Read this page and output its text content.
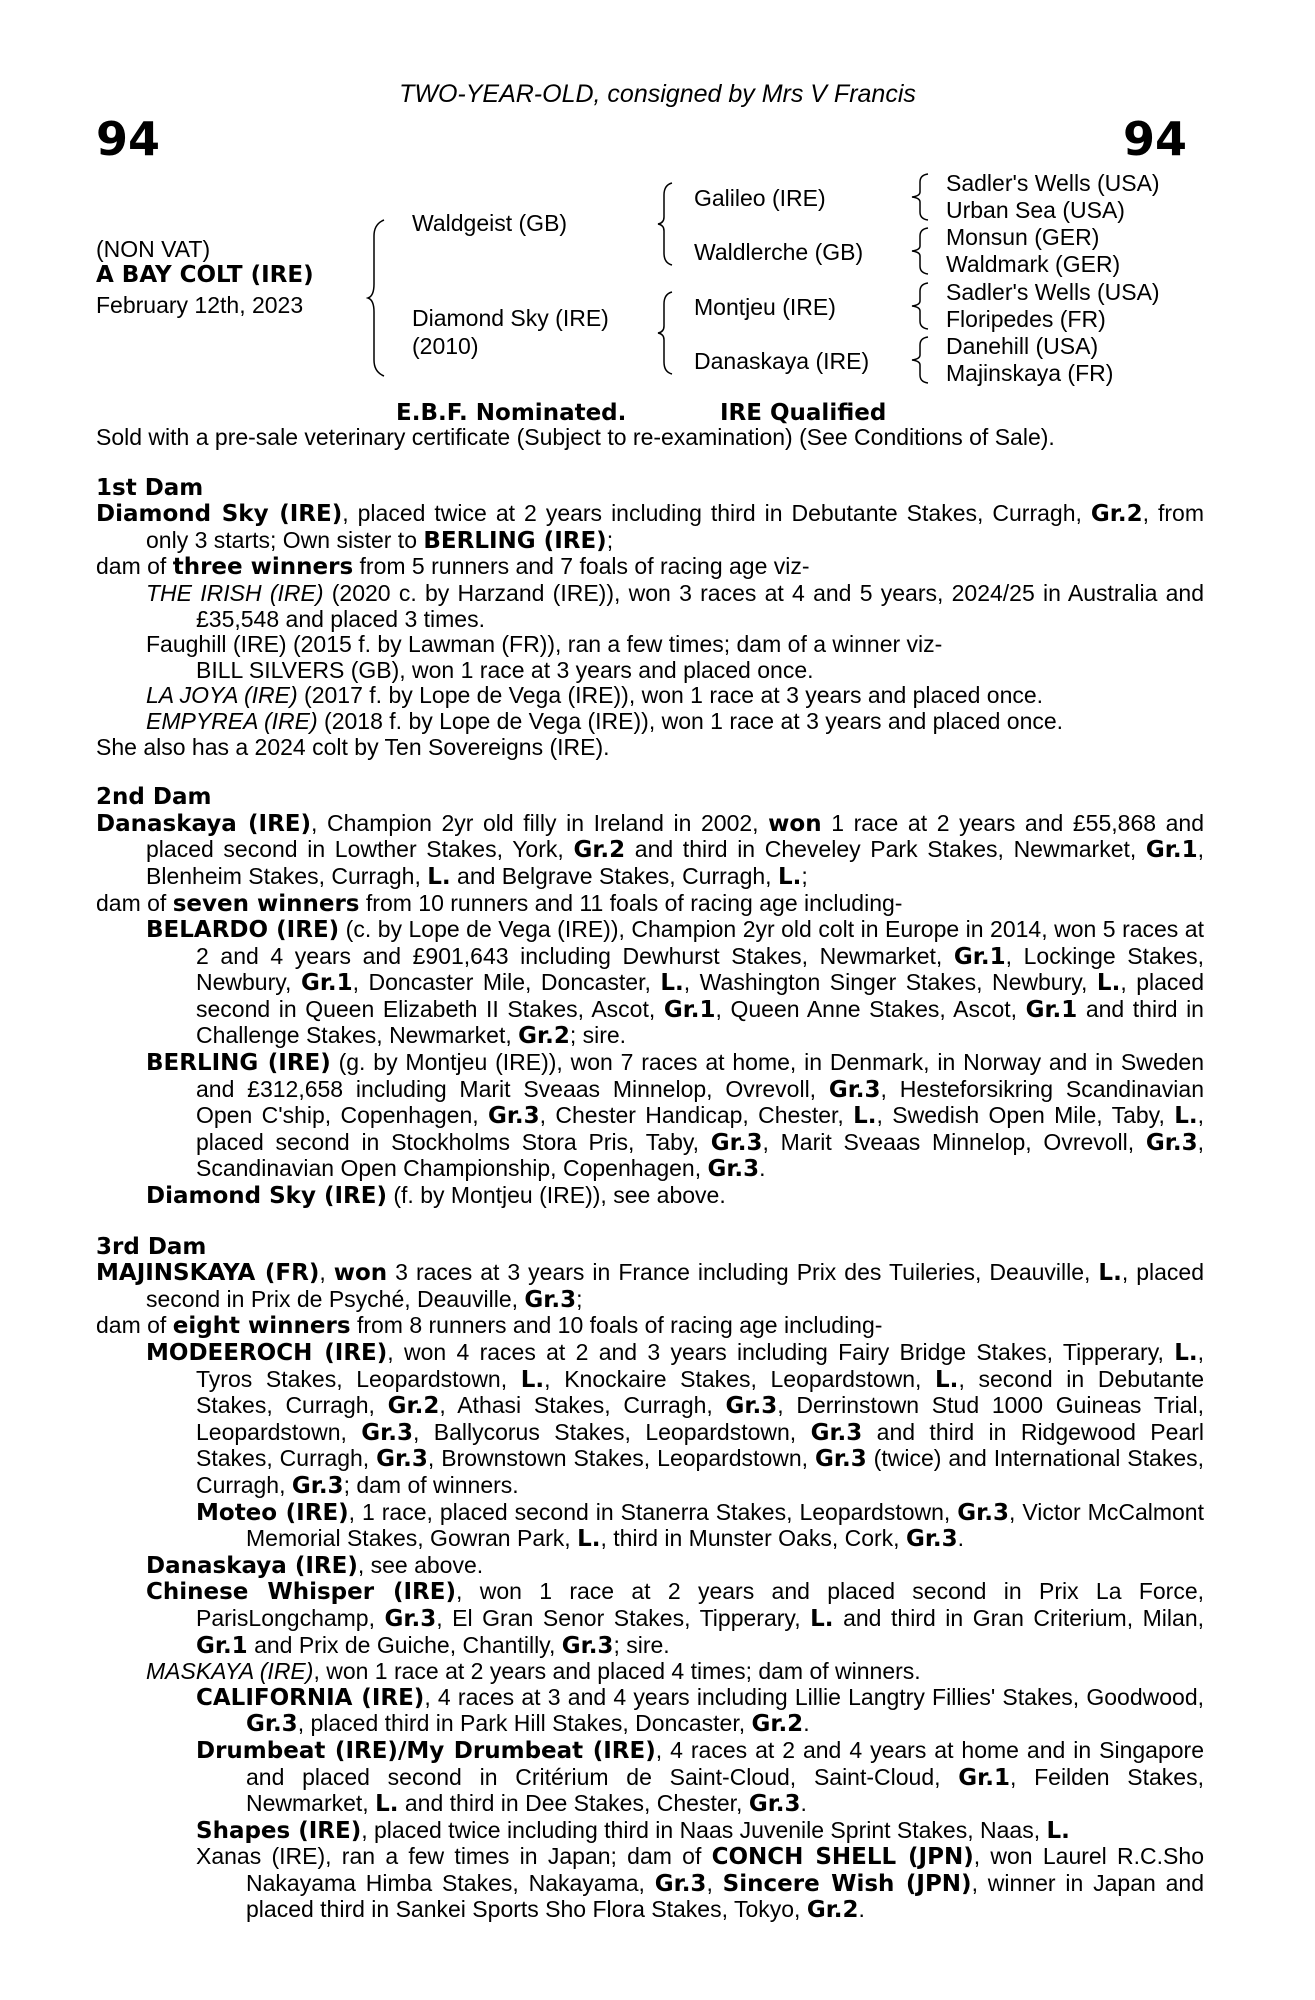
94
TWO-YEAR-OLD, consigned by Mrs V Francis
94
(NON VAT)
A BAY COLT (IRE)
February 12th, 2023
Waldgeist (GB)
Diamond Sky (IRE)
(2010)
Galileo (IRE)
Waldlerche (GB)
Montjeu (IRE)
Danaskaya (IRE)
Sadler's Wells (USA)
Urban Sea (USA)
Monsun (GER)
Waldmark (GER)
Sadler's Wells (USA)
Floripedes (FR)
Danehill (USA)
Majinskaya (FR)
E.B.F. Nominated.	IRE Qualified
Sold with a pre-sale veterinary certificate (Subject to re-examination) (See Conditions of Sale).
1st Dam
Diamond Sky (IRE), placed twice at 2 years including third in Debutante Stakes, Curragh, Gr.2, from only 3 starts; Own sister to BERLING (IRE);
dam of three winners from 5 runners and 7 foals of racing age viz-
THE IRISH (IRE) (2020 c. by Harzand (IRE)), won 3 races at 4 and 5 years, 2024/25 in Australia and £35,548 and placed 3 times.
Faughill (IRE) (2015 f. by Lawman (FR)), ran a few times; dam of a winner viz-
BILL SILVERS (GB), won 1 race at 3 years and placed once.
LA JOYA (IRE) (2017 f. by Lope de Vega (IRE)), won 1 race at 3 years and placed once.
EMPYREA (IRE) (2018 f. by Lope de Vega (IRE)), won 1 race at 3 years and placed once.
She also has a 2024 colt by Ten Sovereigns (IRE).
2nd Dam
Danaskaya (IRE), Champion 2yr old filly in Ireland in 2002, won 1 race at 2 years and £55,868 and placed second in Lowther Stakes, York, Gr.2 and third in Cheveley Park Stakes, Newmarket, Gr.1, Blenheim Stakes, Curragh, L. and Belgrave Stakes, Curragh, L.;
dam of seven winners from 10 runners and 11 foals of racing age including-
BELARDO (IRE) (c. by Lope de Vega (IRE)), Champion 2yr old colt in Europe in 2014, won 5 races at 2 and 4 years and £901,643 including Dewhurst Stakes, Newmarket, Gr.1, Lockinge Stakes, Newbury, Gr.1, Doncaster Mile, Doncaster, L., Washington Singer Stakes, Newbury, L., placed second in Queen Elizabeth II Stakes, Ascot, Gr.1, Queen Anne Stakes, Ascot, Gr.1 and third in Challenge Stakes, Newmarket, Gr.2; sire.
BERLING (IRE) (g. by Montjeu (IRE)), won 7 races at home, in Denmark, in Norway and in Sweden and £312,658 including Marit Sveaas Minnelop, Ovrevoll, Gr.3, Hesteforsikring Scandinavian Open C'ship, Copenhagen, Gr.3, Chester Handicap, Chester, L., Swedish Open Mile, Taby, L., placed second in Stockholms Stora Pris, Taby, Gr.3, Marit Sveaas Minnelop, Ovrevoll, Gr.3, Scandinavian Open Championship, Copenhagen, Gr.3.
Diamond Sky (IRE) (f. by Montjeu (IRE)), see above.
3rd Dam
MAJINSKAYA (FR), won 3 races at 3 years in France including Prix des Tuileries, Deauville, L., placed second in Prix de Psyché, Deauville, Gr.3;
dam of eight winners from 8 runners and 10 foals of racing age including-
MODEEROCH (IRE), won 4 races at 2 and 3 years including Fairy Bridge Stakes, Tipperary, L., Tyros Stakes, Leopardstown, L., Knockaire Stakes, Leopardstown, L., second in Debutante Stakes, Curragh, Gr.2, Athasi Stakes, Curragh, Gr.3, Derrinstown Stud 1000 Guineas Trial, Leopardstown, Gr.3, Ballycorus Stakes, Leopardstown, Gr.3 and third in Ridgewood Pearl Stakes, Curragh, Gr.3, Brownstown Stakes, Leopardstown, Gr.3 (twice) and International Stakes, Curragh, Gr.3; dam of winners.
Moteo (IRE), 1 race, placed second in Stanerra Stakes, Leopardstown, Gr.3, Victor McCalmont Memorial Stakes, Gowran Park, L., third in Munster Oaks, Cork, Gr.3.
Danaskaya (IRE), see above.
Chinese Whisper (IRE), won 1 race at 2 years and placed second in Prix La Force, ParisLongchamp, Gr.3, El Gran Senor Stakes, Tipperary, L. and third in Gran Criterium, Milan, Gr.1 and Prix de Guiche, Chantilly, Gr.3; sire.
MASKAYA (IRE), won 1 race at 2 years and placed 4 times; dam of winners.
CALIFORNIA (IRE), 4 races at 3 and 4 years including Lillie Langtry Fillies' Stakes, Goodwood, Gr.3, placed third in Park Hill Stakes, Doncaster, Gr.2.
Drumbeat (IRE)/My Drumbeat (IRE), 4 races at 2 and 4 years at home and in Singapore and placed second in Critérium de Saint-Cloud, Saint-Cloud, Gr.1, Feilden Stakes, Newmarket, L. and third in Dee Stakes, Chester, Gr.3.
Shapes (IRE), placed twice including third in Naas Juvenile Sprint Stakes, Naas, L.
Xanas (IRE), ran a few times in Japan; dam of CONCH SHELL (JPN), won Laurel R.C.Sho Nakayama Himba Stakes, Nakayama, Gr.3, Sincere Wish (JPN), winner in Japan and placed third in Sankei Sports Sho Flora Stakes, Tokyo, Gr.2.
